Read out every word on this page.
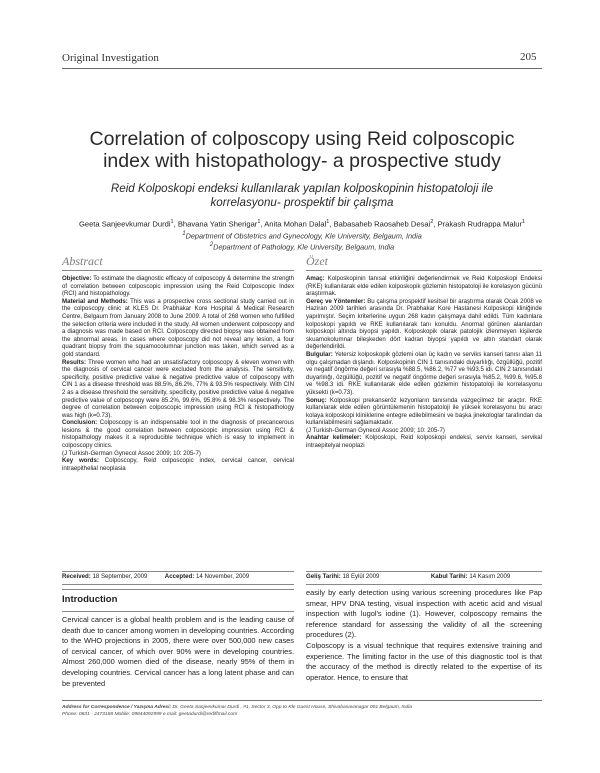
Original Investigation	205
Correlation of colposcopy using Reid colposcopic
index with histopathology- a prospective study
Reid Kolposkopi endeksi kullanılarak yapılan kolposkopinin histopatoloji ile
korrelasyonu- prospektif bir çalışma
Geeta Sanjeevkumar Durdi$^1$, Bhavana Yatin Sherigar$^1$, Anita Mohan Dalal$^1$, Babasaheb Raosaheb Desai$^2$, Prakash Rudrappa Malur$^1$
$^1$Department of Obstetrics and Gynecology, Kle University, Belgaum, India
$^2$Department of Pathology, Kle University, Belgaum, India
Abstract

Objective: To estimate the diagnostic efficacy of colposcopy & determine the strength of correlation between colposcopic impression using the Reid Colposcopic Index (RCI) and histopathology.

Material and Methods: This was a prospective cross sectional study carried out in the colposcopy clinic at KLES Dr. Prabhakar Kore Hospital & Medical Research Centre, Belgaum from January 2008 to June 2009. A total of 268 women who fulfilled the selection criteria were included in the study. All women underwent colposcopy and a diagnosis was made based on RCI. Colposcopy directed biopsy was obtained from the abnormal areas. In cases where colposcopy did not reveal any lesion, a four quadrant biopsy from the squamocolumnar junction was taken, which served as a gold standard.

Results: Three women who had an unsatisfactory colposcopy & eleven women with the diagnosis of cervical cancer were excluded from the analysis. The sensitivity, specificity, positive predictive value & negative predictive value of colposcopy with CIN 1 as a disease threshold was 88.5%, 86.2%, 77% & 93.5% respectively. With CIN 2 as a disease threshold the sensitivity, specificity, positive predictive value & negative predictive value of colposcopy were 85.2%, 99.6%, 95.8% & 98.3% respectively. The degree of correlation between colposcopic impression using RCI & histopathology was high (k=0.73).

Conclusion: Colposcopy is an indispensable tool in the diagnosis of precancerous lesions & the good correlation between colposcopic impression using RCI & histopathology makes it a reproducible technique which is easy to implement in colposcopy clinics.

(J Turkish-German Gynecol Assoc 2009; 10: 205-7)

Key words: Colposcopy, Reid colposcopic index, cervical cancer, cervical intraepithelial neoplasia

Received: 18 September, 2009	Accepted: 14 November, 2009
Özet

Amaç: Kolposkopinin tanısal etkinliğini değerlendirmek ve Reid Kolposkopi Endeksi (RKE) kullanılarak elde edilen kolposkopik gözlemin histopatoloji ile korelasyon gücünü araştırmak.

Gereç ve Yöntemler: Bu çalışma prospektif kesitsel bir araştırma olarak Ocak 2008 ve Haziran 2009 tarihleri arasında Dr. Prabhakar Kore Hastanesi Kolposkopi kliniğinde yapılmıştır. Seçim kriterlerine uygun 268 kadın çalışmaya dahil edildi. Tüm kadınlara kolposkopi yapıldı ve RKE kullanılarak tanı konuldu. Anormal görünen alanlardan kolposkopi altında biyopsi yapıldı. Kolposkopik olarak patolojik izlenmeyen kişilerde skuamokolumnar bileşkeden dört kadran biyopsi yapıldı ve altın standart olarak değerlendirildi.

Bulgular: Yetersiz kolposkopik gözlemi olan üç kadın ve serviks kanseri tanısı alan 11 olgu çalışmadan dışlandı. Kolposkopinin CIN 1 tanısındaki duyarlılığı, özgüllüğü, pozitif ve negatif öngörme değeri sırasıyla %88.5, %86.2, %77 ve %93.5 idi. CIN 2 tanısındaki duyarlılığı, özgüllüğü, pozitif ve negatif öngörme değeri sırasıyla %85.2, %99.6, %95.8 ve %98.3 idi. RKE kullanılarak elde edilen gözlemin histopatoloji ile korrelasyonu yüksekti (k=0.73).

Sonuç: Kolposkopi prekanseröz lezyonların tanısında vazgeçilmez bir araçtır. RKE kullanılarak elde edilen görüntülemenin histopatoloji ile yüksek korelasyonu bu aracı kolaya kolposkopi kliniklerine entegre edilebilmesini ve başka jinekologlar tarafından da kullanılabilmesini sağlamaktadır.

(J Turkish-German Gynecol Assoc 2009; 10: 205-7)

Anahtar kelimeler: Kolposkopi, Reid kolposkopi endeksi, servix kanseri, servikal intraepitelyal neoplazi

Geliş Tarihi: 18 Eylül 2009	Kabul Tarihi: 14 Kasım 2009
Introduction

Cervical cancer is a global health problem and is the leading cause of death due to cancer among women in developing countries. According to the WHO projections in 2005, there were over 500,000 new cases of cervical cancer, of which over 90% were in developing countries. Almost 260,000 women died of the disease, nearly 95% of them in developing countries. Cervical cancer has a long latent phase and can be prevented

easily by early detection using various screening procedures like Pap smear, HPV DNA testing, visual inspection with acetic acid and visual inspection with lugol's iodine (1). However, colposcopy remains the reference standard for assessing the validity of all the screening procedures (2).

Colposcopy is a visual technique that requires extensive training and experience. The limiting factor in the use of this diagnostic tool is that the accuracy of the method is directly related to the expertise of its operator. Hence, to ensure that

Address for Correspondence / Yazışma Adresi: Dr. Geeta Sanjeevkumar Durdi , #1, Sector 3, Opp.to Kle Guest House, Shivabasavanagar 001 Belgaum, India
Phone: 0831 - 2473188 Mobile: 09844092999 e.mail: geetadurdi@rediffmail.com
